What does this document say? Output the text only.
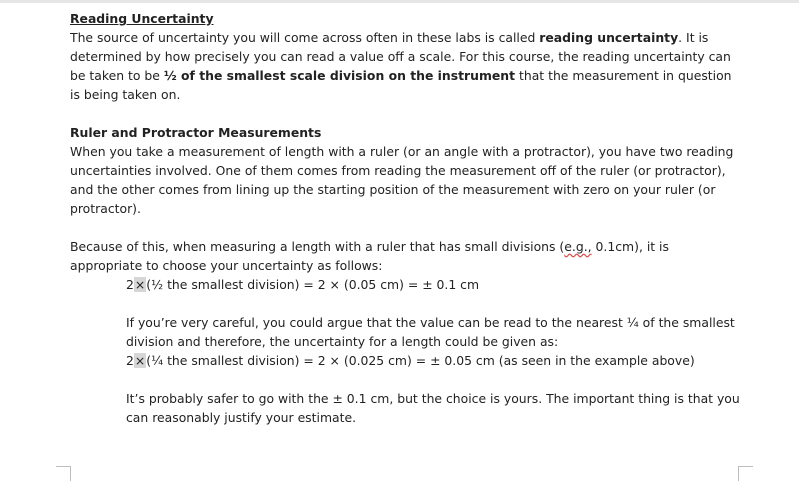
Reading Uncertainty

The source of uncertainty you will come across often in these labs is called reading uncertainty. It is determined by how precisely you can read a value off a scale. For this course, the reading uncertainty can be taken to be ½ of the smallest scale division on the instrument that the measurement in question is being taken on.

Ruler and Protractor Measurements

When you take a measurement of length with a ruler (or an angle with a protractor), you have two reading uncertainties involved. One of them comes from reading the measurement off of the ruler (or protractor), and the other comes from lining up the starting position of the measurement with zero on your ruler (or protractor).

Because of this, when measuring a length with a ruler that has small divisions (e.g., 0.1cm), it is appropriate to choose your uncertainty as follows:

2×(½ the smallest division) = 2 × (0.05 cm) = ± 0.1 cm

If you’re very careful, you could argue that the value can be read to the nearest ¼ of the smallest division and therefore, the uncertainty for a length could be given as:

2×(¼ the smallest division) = 2 × (0.025 cm) = ± 0.05 cm (as seen in the example above)

It’s probably safer to go with the ± 0.1 cm, but the choice is yours. The important thing is that you can reasonably justify your estimate.
